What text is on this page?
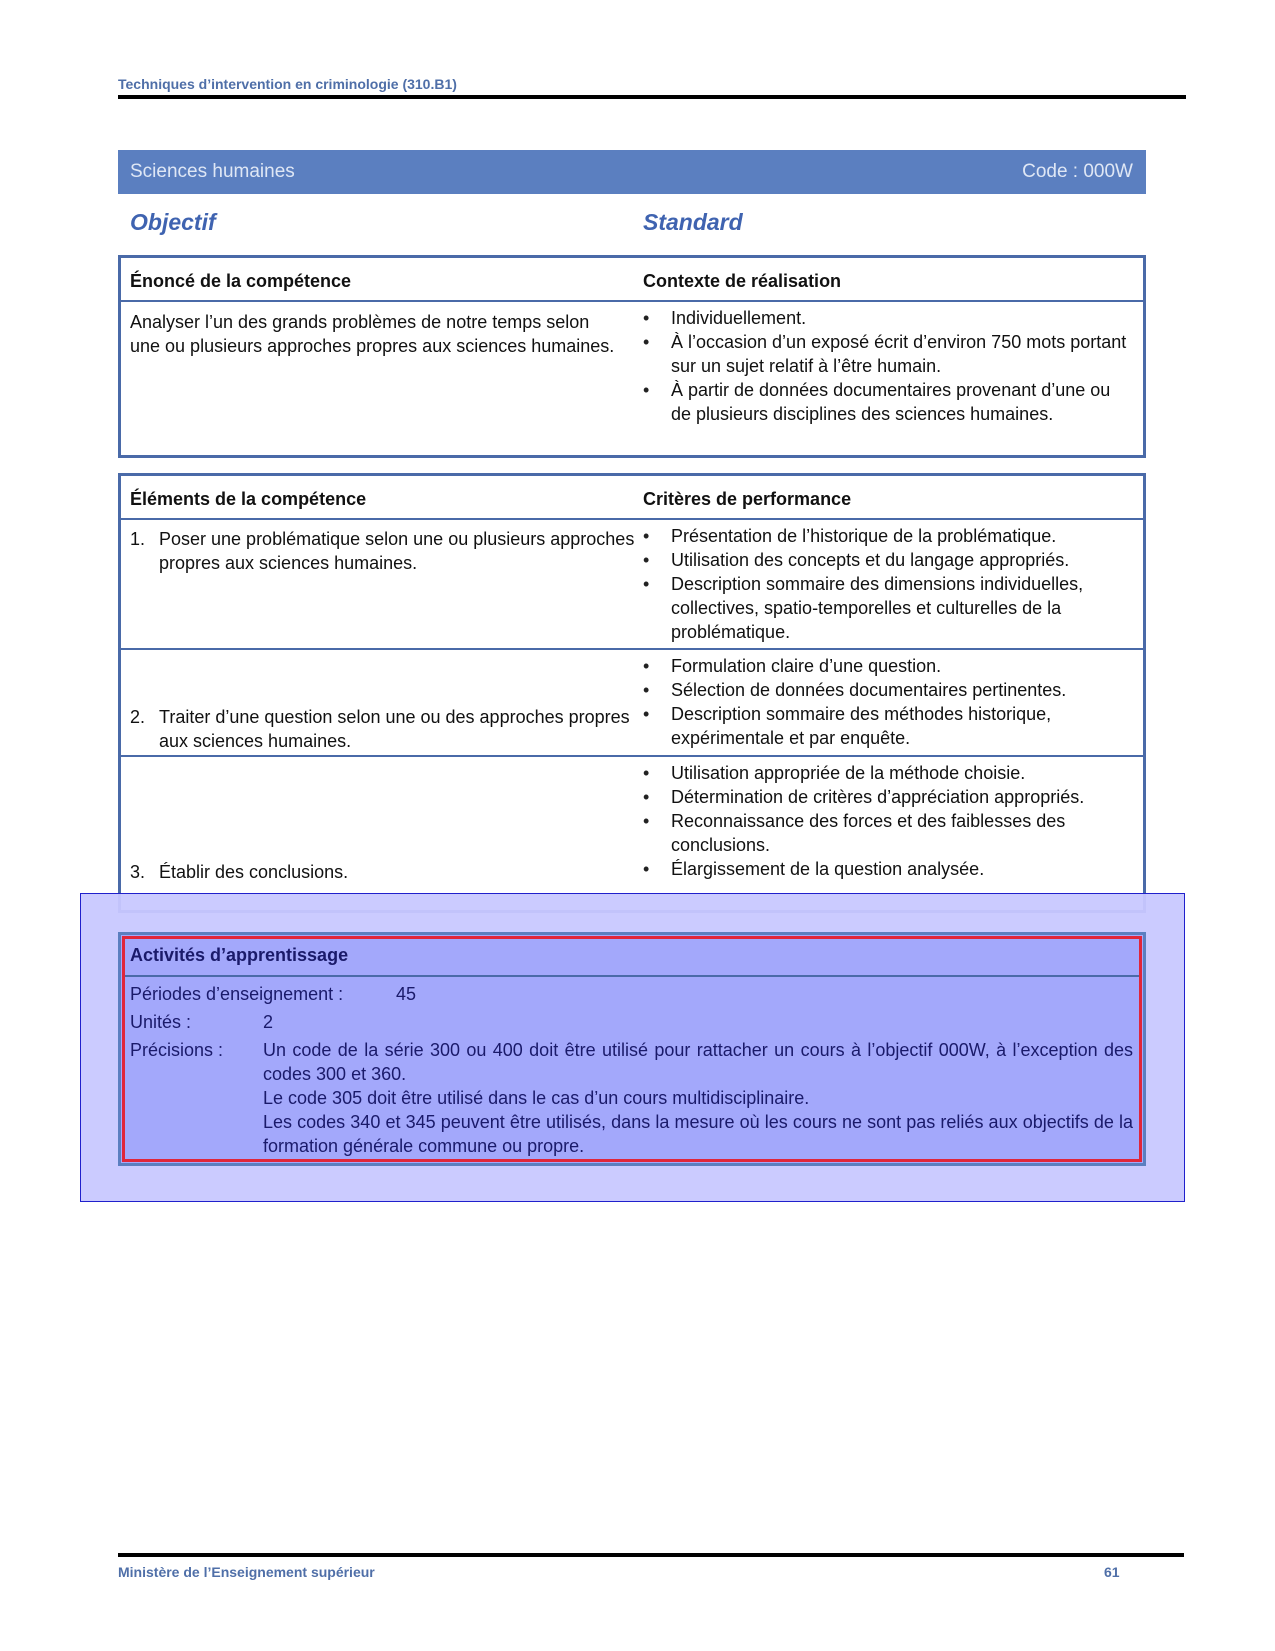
Techniques d’intervention en criminologie (310.B1)
Sciences humaines	Code : 000W
Objectif	Standard
Énoncé de la compétence	Contexte de réalisation
Analyser l’un des grands problèmes de notre temps selon une ou plusieurs approches propres aux sciences humaines.
• Individuellement.
• À l’occasion d’un exposé écrit d’environ 750 mots portant sur un sujet relatif à l’être humain.
• À partir de données documentaires provenant d’une ou de plusieurs disciplines des sciences humaines.
Éléments de la compétence	Critères de performance
1. Poser une problématique selon une ou plusieurs approches propres aux sciences humaines.
• Présentation de l’historique de la problématique.
• Utilisation des concepts et du langage appropriés.
• Description sommaire des dimensions individuelles, collectives, spatio-temporelles et culturelles de la problématique.
2. Traiter d’une question selon une ou des approches propres aux sciences humaines.
• Formulation claire d’une question.
• Sélection de données documentaires pertinentes.
• Description sommaire des méthodes historique, expérimentale et par enquête.
3. Établir des conclusions.
• Utilisation appropriée de la méthode choisie.
• Détermination de critères d’appréciation appropriés.
• Reconnaissance des forces et des faiblesses des conclusions.
• Élargissement de la question analysée.
Activités d’apprentissage
Périodes d’enseignement :	45
Unités :	2
Précisions : Un code de la série 300 ou 400 doit être utilisé pour rattacher un cours à l’objectif 000W, à l’exception des codes 300 et 360.

Le code 305 doit être utilisé dans le cas d’un cours multidisciplinaire.

Les codes 340 et 345 peuvent être utilisés, dans la mesure où les cours ne sont pas reliés aux objectifs de la formation générale commune ou propre.

Ministère de l’Enseignement supérieur	61
